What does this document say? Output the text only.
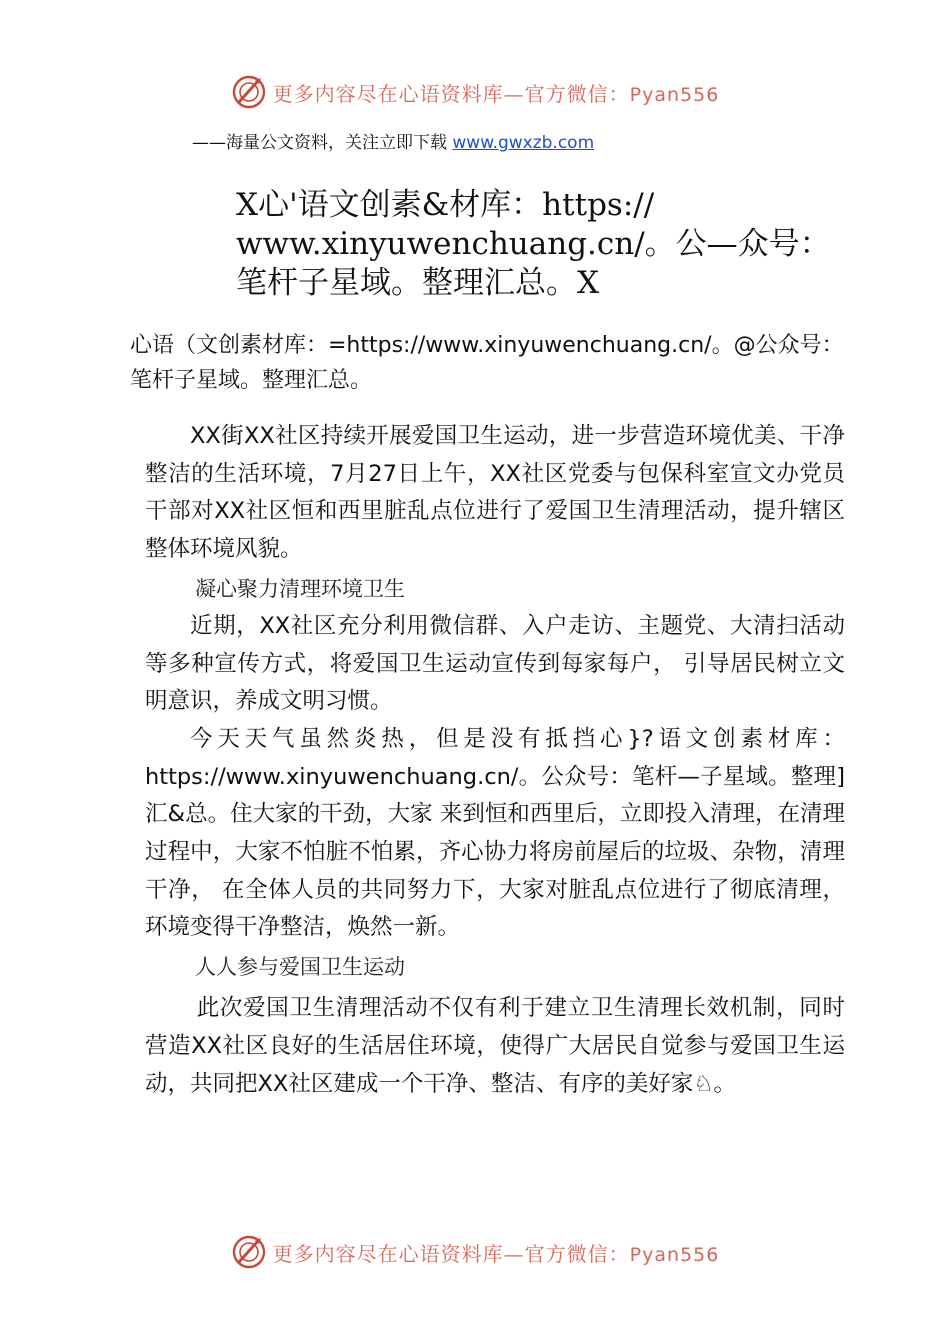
更多内容尽在心语资料库—官方微信：Pyan556
——海量公文资料，关注立即下载 www.gwxzb.com
X心'语文创素&材库：https:// www.xinyuwenchuang.cn/。公—众号：笔杆子星域。整理汇总。X

心语（文创素材库：=https://www.xinyuwenchuang.cn/。@公众号：笔杆子星域。整理汇总。

XX街XX社区持续开展爱国卫生运动，进一步营造环境优美、干净整洁的生活环境，7月27日上午，XX社区党委与包保科室宣文办党员干部对XX社区恒和西里脏乱点位进行了爱国卫生清理活动，提升辖区整体环境风貌。

凝心聚力清理环境卫生

近期，XX社区充分利用微信群、入户走访、主题党、大清扫活动等多种宣传方式，将爱国卫生运动宣传到每家每户， 引导居民树立文明意识，养成文明习惯。

今天天气虽然炎热，但是没有抵挡心}?语文创素材库：https://www.xinyuwenchuang.cn/。公众号：笔杆—子星域。整理]汇&总。住大家的干劲，大家 来到恒和西里后，立即投入清理，在清理过程中，大家不怕脏不怕累，齐心协力将房前屋后的垃圾、杂物，清理干净， 在全体人员的共同努力下，大家对脏乱点位进行了彻底清理， 环境变得干净整洁，焕然一新。

人人参与爱国卫生运动

此次爱国卫生清理活动不仅有利于建立卫生清理长效机制，同时营造XX社区良好的生活居住环境，使得广大居民自觉参与爱国卫生运动，共同把XX社区建成一个干净、整洁、有序的美好家♘。

更多内容尽在心语资料库—官方微信：Pyan556
